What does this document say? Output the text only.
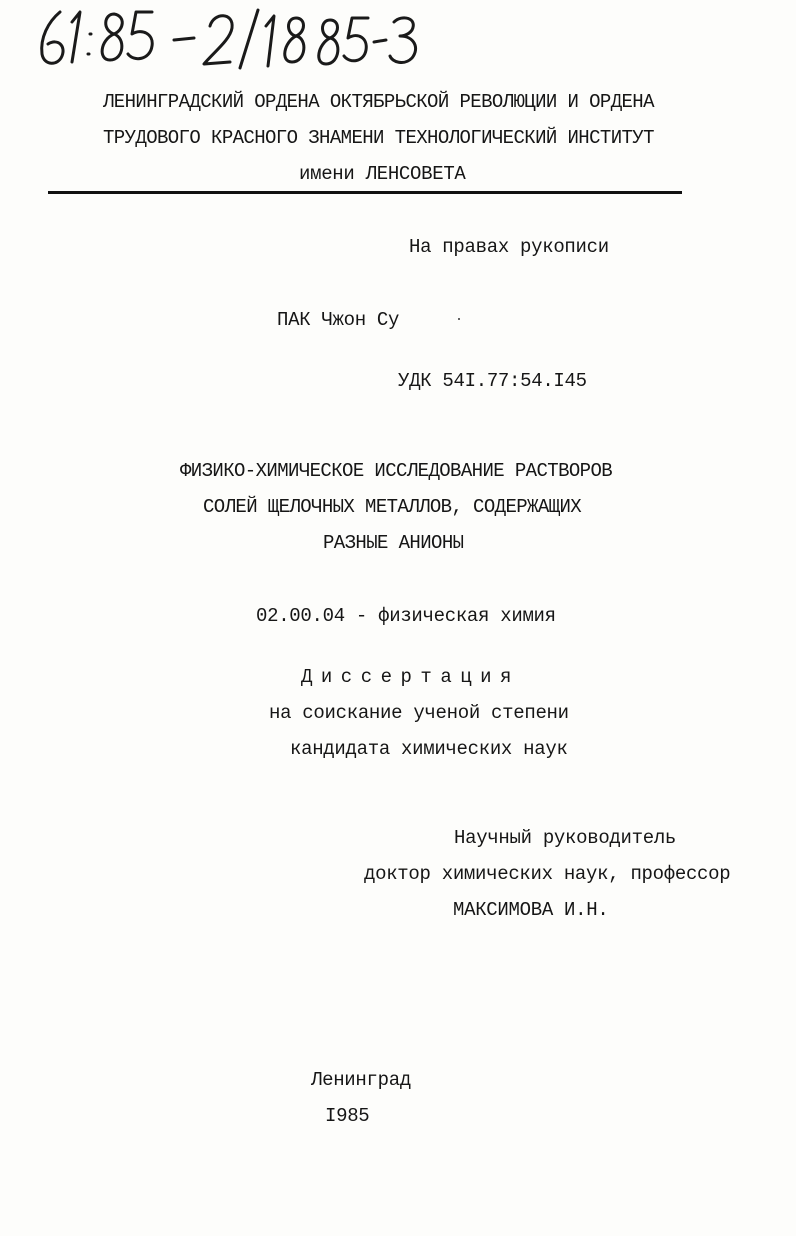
ЛЕНИНГРАДСКИЙ ОРДЕНА ОКТЯБРЬСКОЙ РЕВОЛЮЦИИ И ОРДЕНА
ТРУДОВОГО КРАСНОГО ЗНАМЕНИ ТЕХНОЛОГИЧЕСКИЙ ИНСТИТУТ
имени ЛЕНСОВЕТА
На правах рукописи
ПАК Чжон Су
УДК 54I.77:54.I45
ФИЗИКО-ХИМИЧЕСКОЕ ИССЛЕДОВАНИЕ РАСТВОРОВ
СОЛЕЙ ЩЕЛОЧНЫХ МЕТАЛЛОВ, СОДЕРЖАЩИХ
РАЗНЫЕ АНИОНЫ
02.00.04 - физическая химия
Диссертация
на соискание ученой степени
кандидата химических наук
Научный руководитель
доктор химических наук, профессор
МАКСИМОВА И.Н.
Ленинград
I985
